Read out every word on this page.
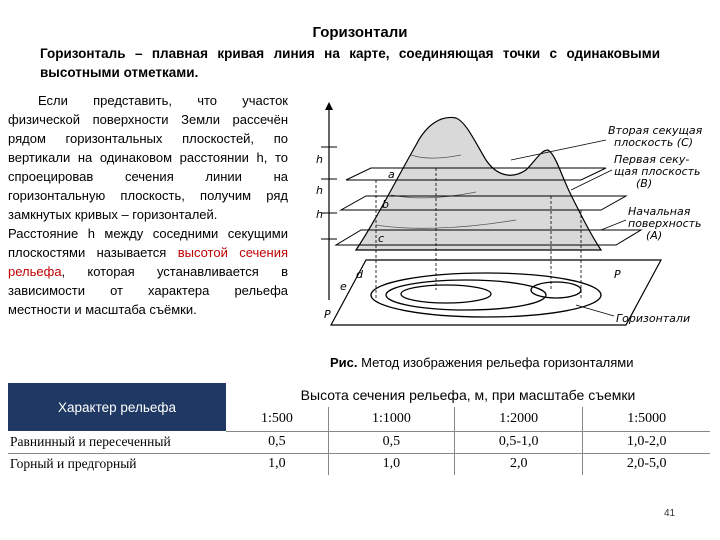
Горизонтали
Горизонталь – плавная кривая линия на карте, соединяющая точки с одинаковыми высотными отметками.

Если представить, что участок физической поверхности Земли рассечён рядом горизонтальных плоскостей, по вертикали на одинаковом расстоянии h, то спроецировав сечения линии на горизонтальную плоскость, получим ряд замкнутых кривых – горизонталей.

Расстояние h между соседними секущими плоскостями называется высотой сечения рельефа, которая устанавливается в зависимости от характера рельефа местности и масштаба съёмки.

h
h
h
a
b
c
d
e
P
P
Вторая секущая
плоскость (С)
Первая секу-
щая плоскость
(В)
Начальная
поверхность
(А)
Горизонтали
Рис. Метод изображения рельефа горизонталями
Характер рельефа	Высота сечения рельефа, м, при масштабе съемки			
	1:500	1:1000	1:2000	1:5000
Равнинный и пересеченный	0,5	0,5	0,5-1,0	1,0-2,0
Горный и предгорный	1,0	1,0	2,0	2,0-5,0
41
